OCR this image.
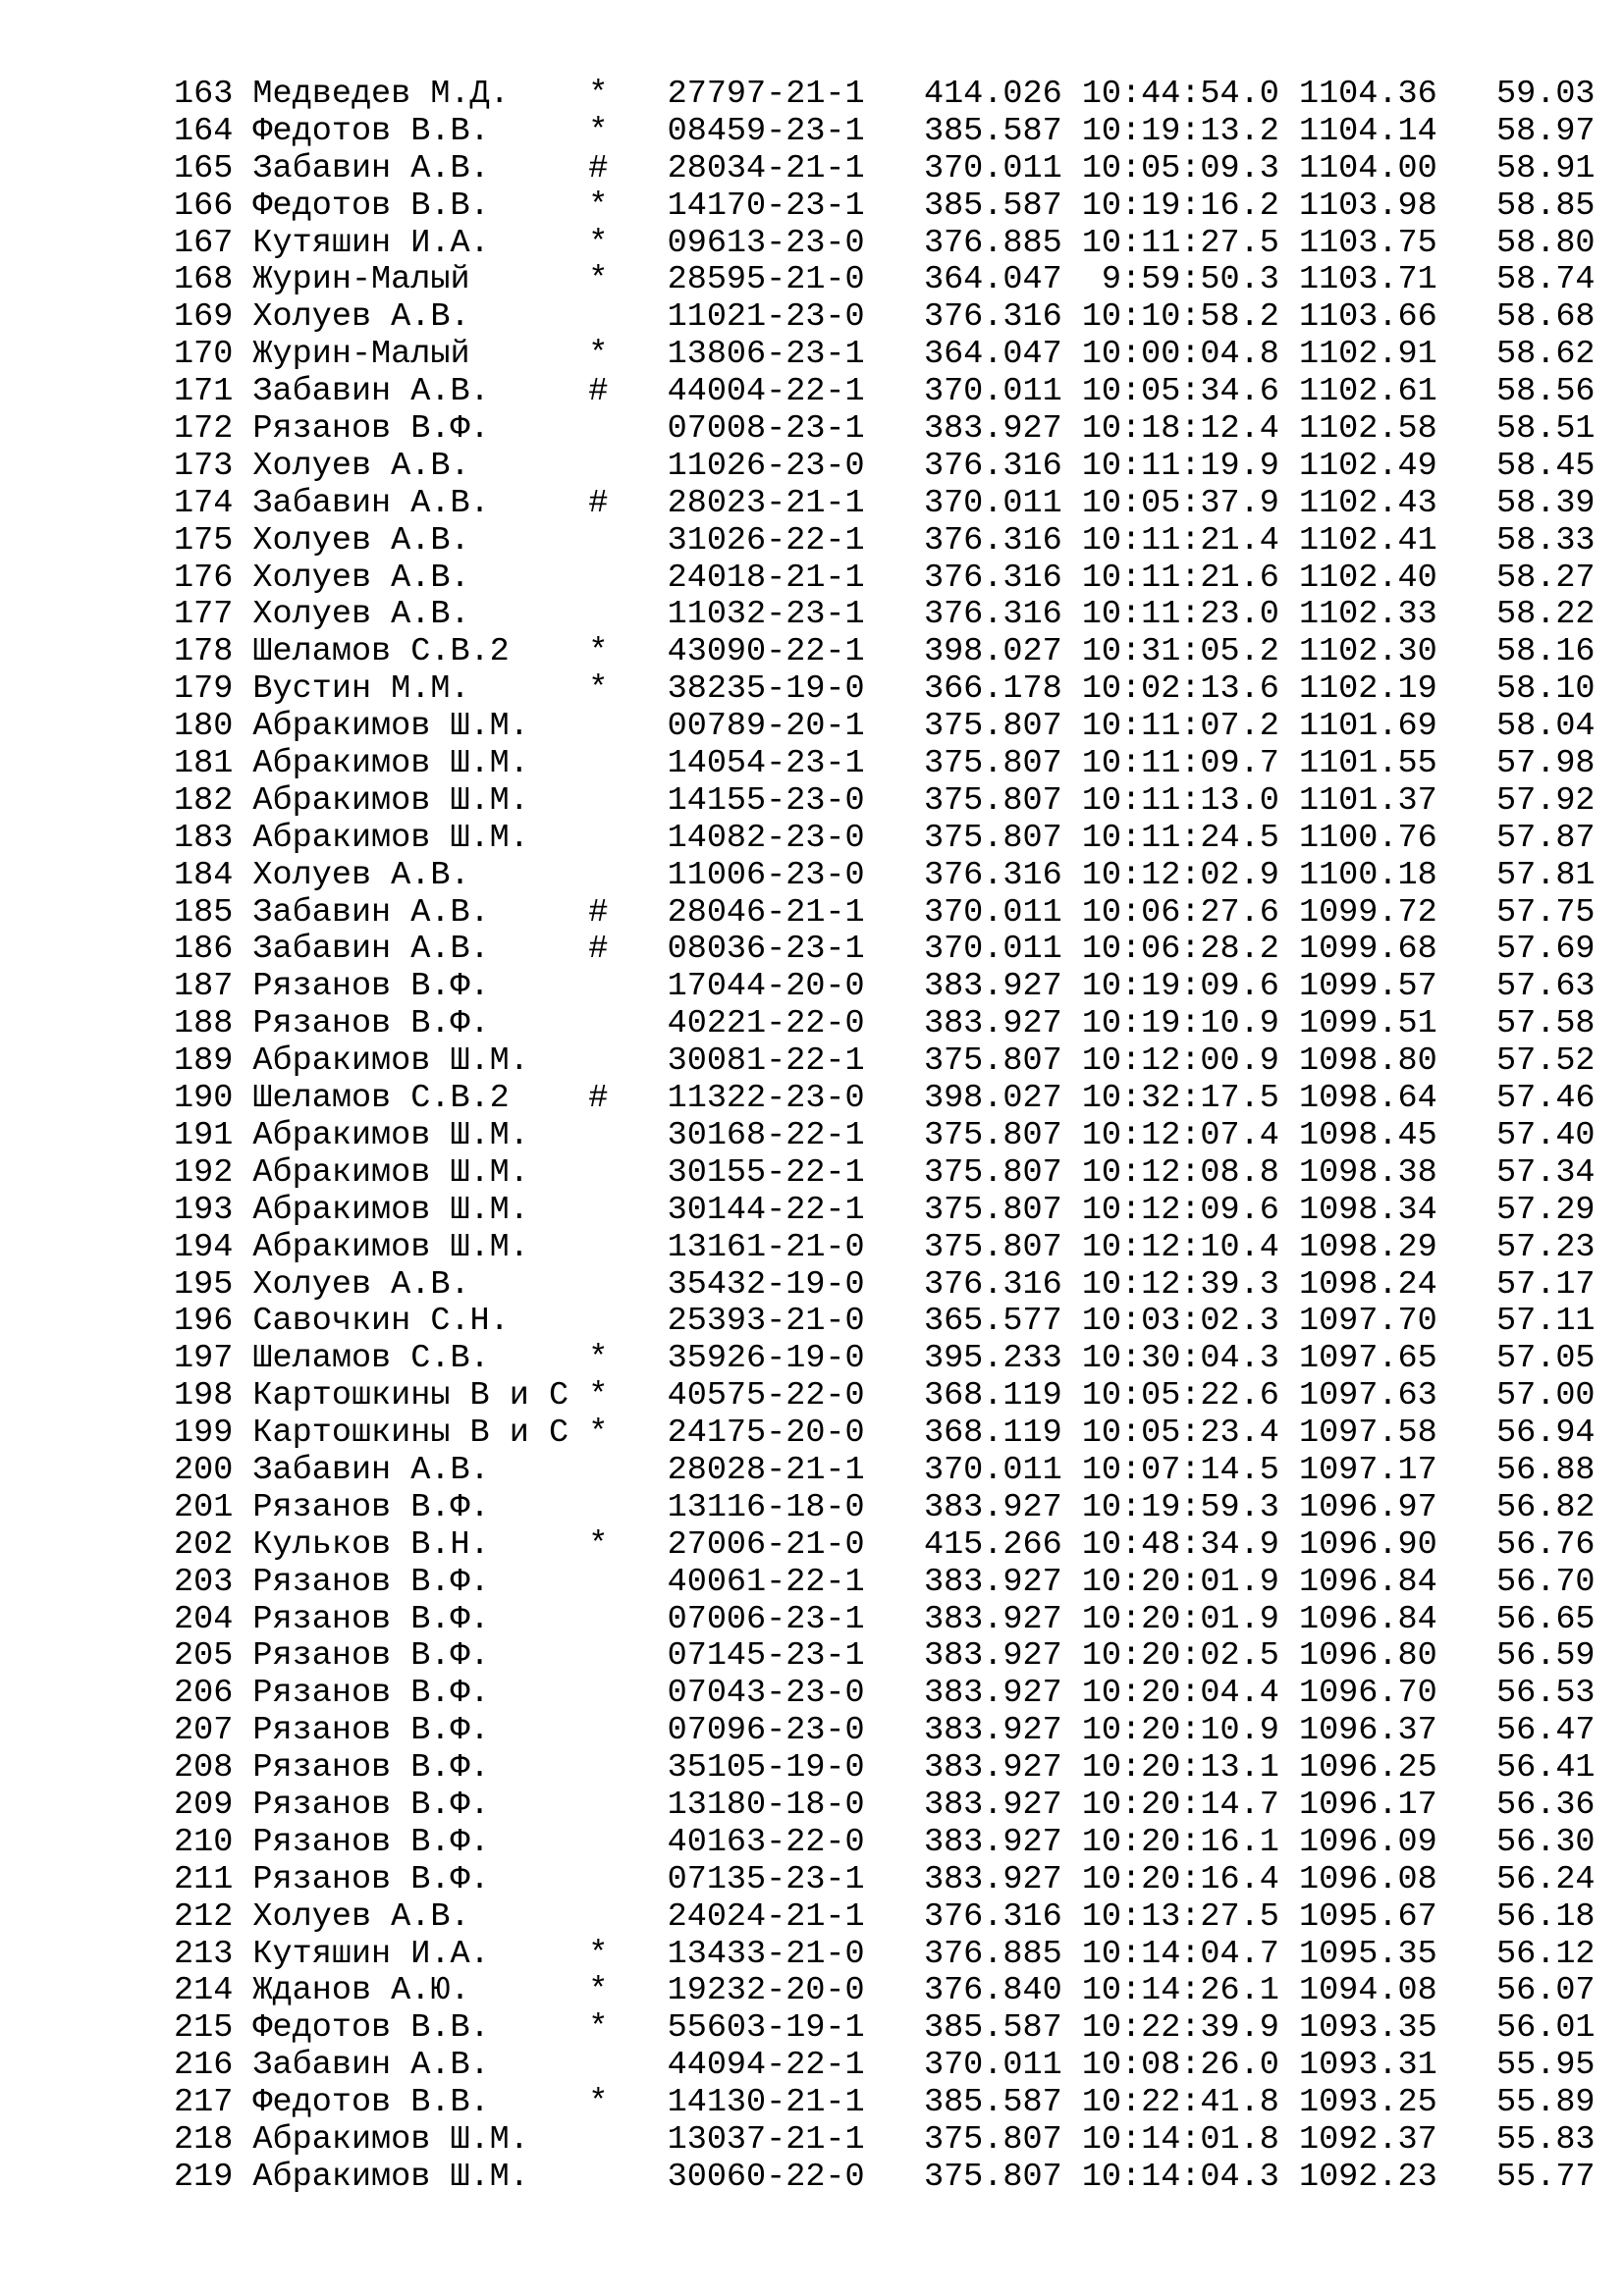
163 Медведев М.Д.    * 27797-21-1 414.026 10:44:54.0 1104.36 59.03
164 Федотов В.В.     * 08459-23-1 385.587 10:19:13.2 1104.14 58.97
165 Забавин А.В.     # 28034-21-1 370.011 10:05:09.3 1104.00 58.91
166 Федотов В.В.     * 14170-23-1 385.587 10:19:16.2 1103.98 58.85
167 Кутяшин И.А.     * 09613-23-0 376.885 10:11:27.5 1103.75 58.80
168 Журин-Малый      * 28595-21-0 364.047  9:59:50.3 1103.71 58.74
169 Холуев А.В.	11021-23-0 376.316 10:10:58.2 1103.66 58.68
170 Журин-Малый      * 13806-23-1 364.047 10:00:04.8 1102.91 58.62
171 Забавин А.В.     # 44004-22-1 370.011 10:05:34.6 1102.61 58.56
172 Рязанов В.Ф.	07008-23-1 383.927 10:18:12.4 1102.58 58.51
173 Холуев А.В.	11026-23-0 376.316 10:11:19.9 1102.49 58.45
174 Забавин А.В.     # 28023-21-1 370.011 10:05:37.9 1102.43 58.39
175 Холуев А.В.	31026-22-1 376.316 10:11:21.4 1102.41 58.33
176 Холуев А.В.	24018-21-1 376.316 10:11:21.6 1102.40 58.27
177 Холуев А.В.	11032-23-1 376.316 10:11:23.0 1102.33 58.22
178 Шеламов С.В.2    * 43090-22-1 398.027 10:31:05.2 1102.30 58.16
179 Вустин М.М.      * 38235-19-0 366.178 10:02:13.6 1102.19 58.10
180 Абракимов Ш.М.	00789-20-1 375.807 10:11:07.2 1101.69 58.04
181 Абракимов Ш.М.	14054-23-1 375.807 10:11:09.7 1101.55 57.98
182 Абракимов Ш.М.	14155-23-0 375.807 10:11:13.0 1101.37 57.92
183 Абракимов Ш.М.	14082-23-0 375.807 10:11:24.5 1100.76 57.87
184 Холуев А.В.	11006-23-0 376.316 10:12:02.9 1100.18 57.81
185 Забавин А.В.     # 28046-21-1 370.011 10:06:27.6 1099.72 57.75
186 Забавин А.В.     # 08036-23-1 370.011 10:06:28.2 1099.68 57.69
187 Рязанов В.Ф.	17044-20-0 383.927 10:19:09.6 1099.57 57.63
188 Рязанов В.Ф.	40221-22-0 383.927 10:19:10.9 1099.51 57.58
189 Абракимов Ш.М.	30081-22-1 375.807 10:12:00.9 1098.80 57.52
190 Шеламов С.В.2    # 11322-23-0 398.027 10:32:17.5 1098.64 57.46
191 Абракимов Ш.М.	30168-22-1 375.807 10:12:07.4 1098.45 57.40
192 Абракимов Ш.М.	30155-22-1 375.807 10:12:08.8 1098.38 57.34
193 Абракимов Ш.М.	30144-22-1 375.807 10:12:09.6 1098.34 57.29
194 Абракимов Ш.М.	13161-21-0 375.807 10:12:10.4 1098.29 57.23
195 Холуев А.В.	35432-19-0 376.316 10:12:39.3 1098.24 57.17
196 Савочкин С.Н.	25393-21-0 365.577 10:03:02.3 1097.70 57.11
197 Шеламов С.В.     * 35926-19-0 395.233 10:30:04.3 1097.65 57.05
198 Картошкины В и С * 40575-22-0 368.119 10:05:22.6 1097.63 57.00
199 Картошкины В и С * 24175-20-0 368.119 10:05:23.4 1097.58 56.94
200 Забавин А.В.	28028-21-1 370.011 10:07:14.5 1097.17 56.88
201 Рязанов В.Ф.	13116-18-0 383.927 10:19:59.3 1096.97 56.82
202 Кульков В.Н.     * 27006-21-0 415.266 10:48:34.9 1096.90 56.76
203 Рязанов В.Ф.	40061-22-1 383.927 10:20:01.9 1096.84 56.70
204 Рязанов В.Ф.	07006-23-1 383.927 10:20:01.9 1096.84 56.65
205 Рязанов В.Ф.	07145-23-1 383.927 10:20:02.5 1096.80 56.59
206 Рязанов В.Ф.	07043-23-0 383.927 10:20:04.4 1096.70 56.53
207 Рязанов В.Ф.	07096-23-0 383.927 10:20:10.9 1096.37 56.47
208 Рязанов В.Ф.	35105-19-0 383.927 10:20:13.1 1096.25 56.41
209 Рязанов В.Ф.	13180-18-0 383.927 10:20:14.7 1096.17 56.36
210 Рязанов В.Ф.	40163-22-0 383.927 10:20:16.1 1096.09 56.30
211 Рязанов В.Ф.	07135-23-1 383.927 10:20:16.4 1096.08 56.24
212 Холуев А.В.	24024-21-1 376.316 10:13:27.5 1095.67 56.18
213 Кутяшин И.А.     * 13433-21-0 376.885 10:14:04.7 1095.35 56.12
214 Жданов А.Ю.      * 19232-20-0 376.840 10:14:26.1 1094.08 56.07
215 Федотов В.В.     * 55603-19-1 385.587 10:22:39.9 1093.35 56.01
216 Забавин А.В.	44094-22-1 370.011 10:08:26.0 1093.31 55.95
217 Федотов В.В.     * 14130-21-1 385.587 10:22:41.8 1093.25 55.89
218 Абракимов Ш.М.	13037-21-1 375.807 10:14:01.8 1092.37 55.83
219 Абракимов Ш.М.	30060-22-0 375.807 10:14:04.3 1092.23 55.77
